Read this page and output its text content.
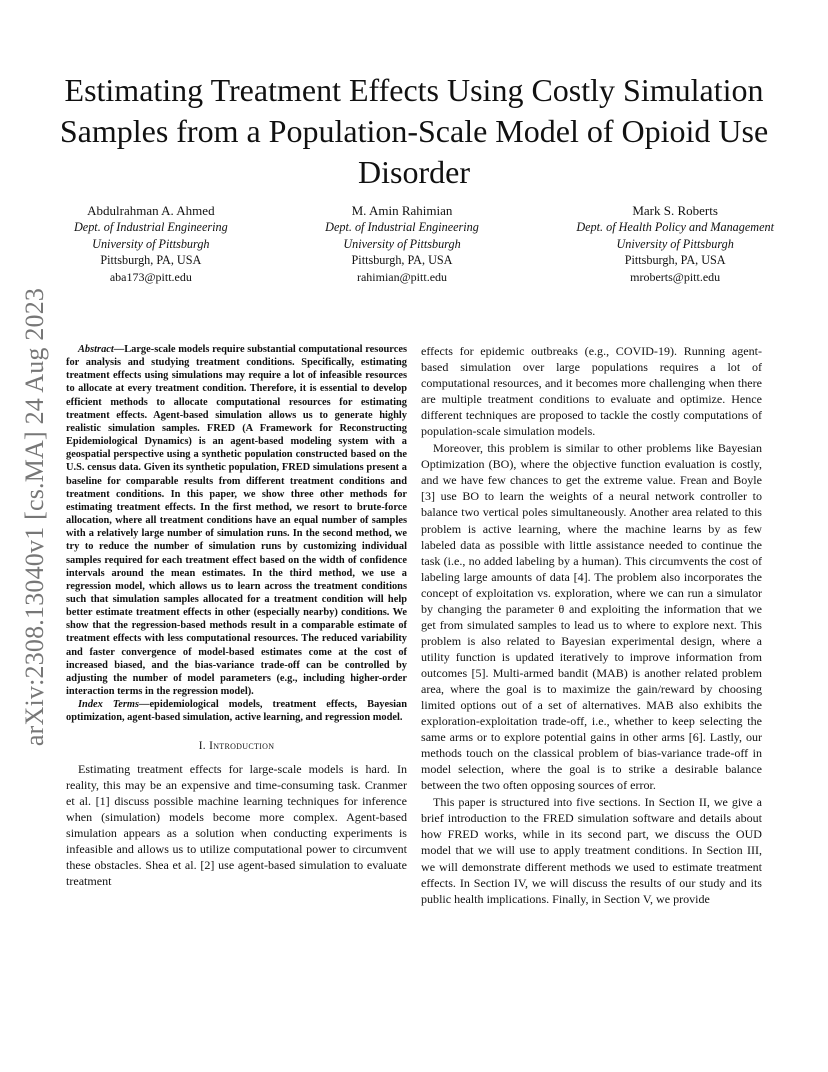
arXiv:2308.13040v1 [cs.MA] 24 Aug 2023
Estimating Treatment Effects Using Costly Simulation Samples from a Population-Scale Model of Opioid Use Disorder
Abdulrahman A. Ahmed
Dept. of Industrial Engineering
University of Pittsburgh
Pittsburgh, PA, USA
aba173@pitt.edu
M. Amin Rahimian
Dept. of Industrial Engineering
University of Pittsburgh
Pittsburgh, PA, USA
rahimian@pitt.edu
Mark S. Roberts
Dept. of Health Policy and Management
University of Pittsburgh
Pittsburgh, PA, USA
mroberts@pitt.edu

Abstract—Large-scale models require substantial computational resources for analysis and studying treatment conditions. Specifically, estimating treatment effects using simulations may require a lot of infeasible resources to allocate at every treatment condition. Therefore, it is essential to develop efficient methods to allocate computational resources for estimating treatment effects. Agent-based simulation allows us to generate highly realistic simulation samples. FRED (A Framework for Reconstructing Epidemiological Dynamics) is an agent-based modeling system with a geospatial perspective using a synthetic population constructed based on the U.S. census data. Given its synthetic population, FRED simulations present a baseline for comparable results from different treatment conditions and treatment conditions. In this paper, we show three other methods for estimating treatment effects. In the first method, we resort to brute-force allocation, where all treatment conditions have an equal number of samples with a relatively large number of simulation runs. In the second method, we try to reduce the number of simulation runs by customizing individual samples required for each treatment effect based on the width of confidence intervals around the mean estimates. In the third method, we use a regression model, which allows us to learn across the treatment conditions such that simulation samples allocated for a treatment condition will help better estimate treatment effects in other (especially nearby) conditions. We show that the regression-based methods result in a comparable estimate of treatment effects with less computational resources. The reduced variability and faster convergence of model-based estimates come at the cost of increased biased, and the bias-variance trade-off can be controlled by adjusting the number of model parameters (e.g., including higher-order interaction terms in the regression model).

Index Terms—epidemiological models, treatment effects, Bayesian optimization, agent-based simulation, active learning, and regression model.

I. Introduction

Estimating treatment effects for large-scale models is hard. In reality, this may be an expensive and time-consuming task. Cranmer et al. [1] discuss possible machine learning techniques for inference when (simulation) models become more complex. Agent-based simulation appears as a solution when conducting experiments is infeasible and allows us to utilize computational power to circumvent these obstacles. Shea et al. [2] use agent-based simulation to evaluate treatment

effects for epidemic outbreaks (e.g., COVID-19). Running agent-based simulation over large populations requires a lot of computational resources, and it becomes more challenging when there are multiple treatment conditions to evaluate and optimize. Hence different techniques are proposed to tackle the costly computations of population-scale simulation models.

Moreover, this problem is similar to other problems like Bayesian Optimization (BO), where the objective function evaluation is costly, and we have few chances to get the extreme value. Frean and Boyle [3] use BO to learn the weights of a neural network controller to balance two vertical poles simultaneously. Another area related to this problem is active learning, where the machine learns by as few labeled data as possible with little assistance needed to continue the task (i.e., no added labeling by a human). This circumvents the cost of labeling large amounts of data [4]. The problem also incorporates the concept of exploitation vs. exploration, where we can run a simulator by changing the parameter θ and exploiting the information that we get from simulated samples to lead us to where to explore next. This problem is also related to Bayesian experimental design, where a utility function is updated iteratively to improve information from outcomes [5]. Multi-armed bandit (MAB) is another related problem area, where the goal is to maximize the gain/reward by choosing limited options out of a set of alternatives. MAB also exhibits the exploration-exploitation trade-off, i.e., whether to keep selecting the same arms or to explore potential gains in other arms [6]. Lastly, our methods touch on the classical problem of bias-variance trade-off in model selection, where the goal is to strike a desirable balance between the two often opposing sources of error.

This paper is structured into five sections. In Section II, we give a brief introduction to the FRED simulation software and details about how FRED works, while in its second part, we discuss the OUD model that we will use to apply treatment conditions. In Section III, we will demonstrate different methods we used to estimate treatment effects. In Section IV, we will discuss the results of our study and its public health implications. Finally, in Section V, we provide
